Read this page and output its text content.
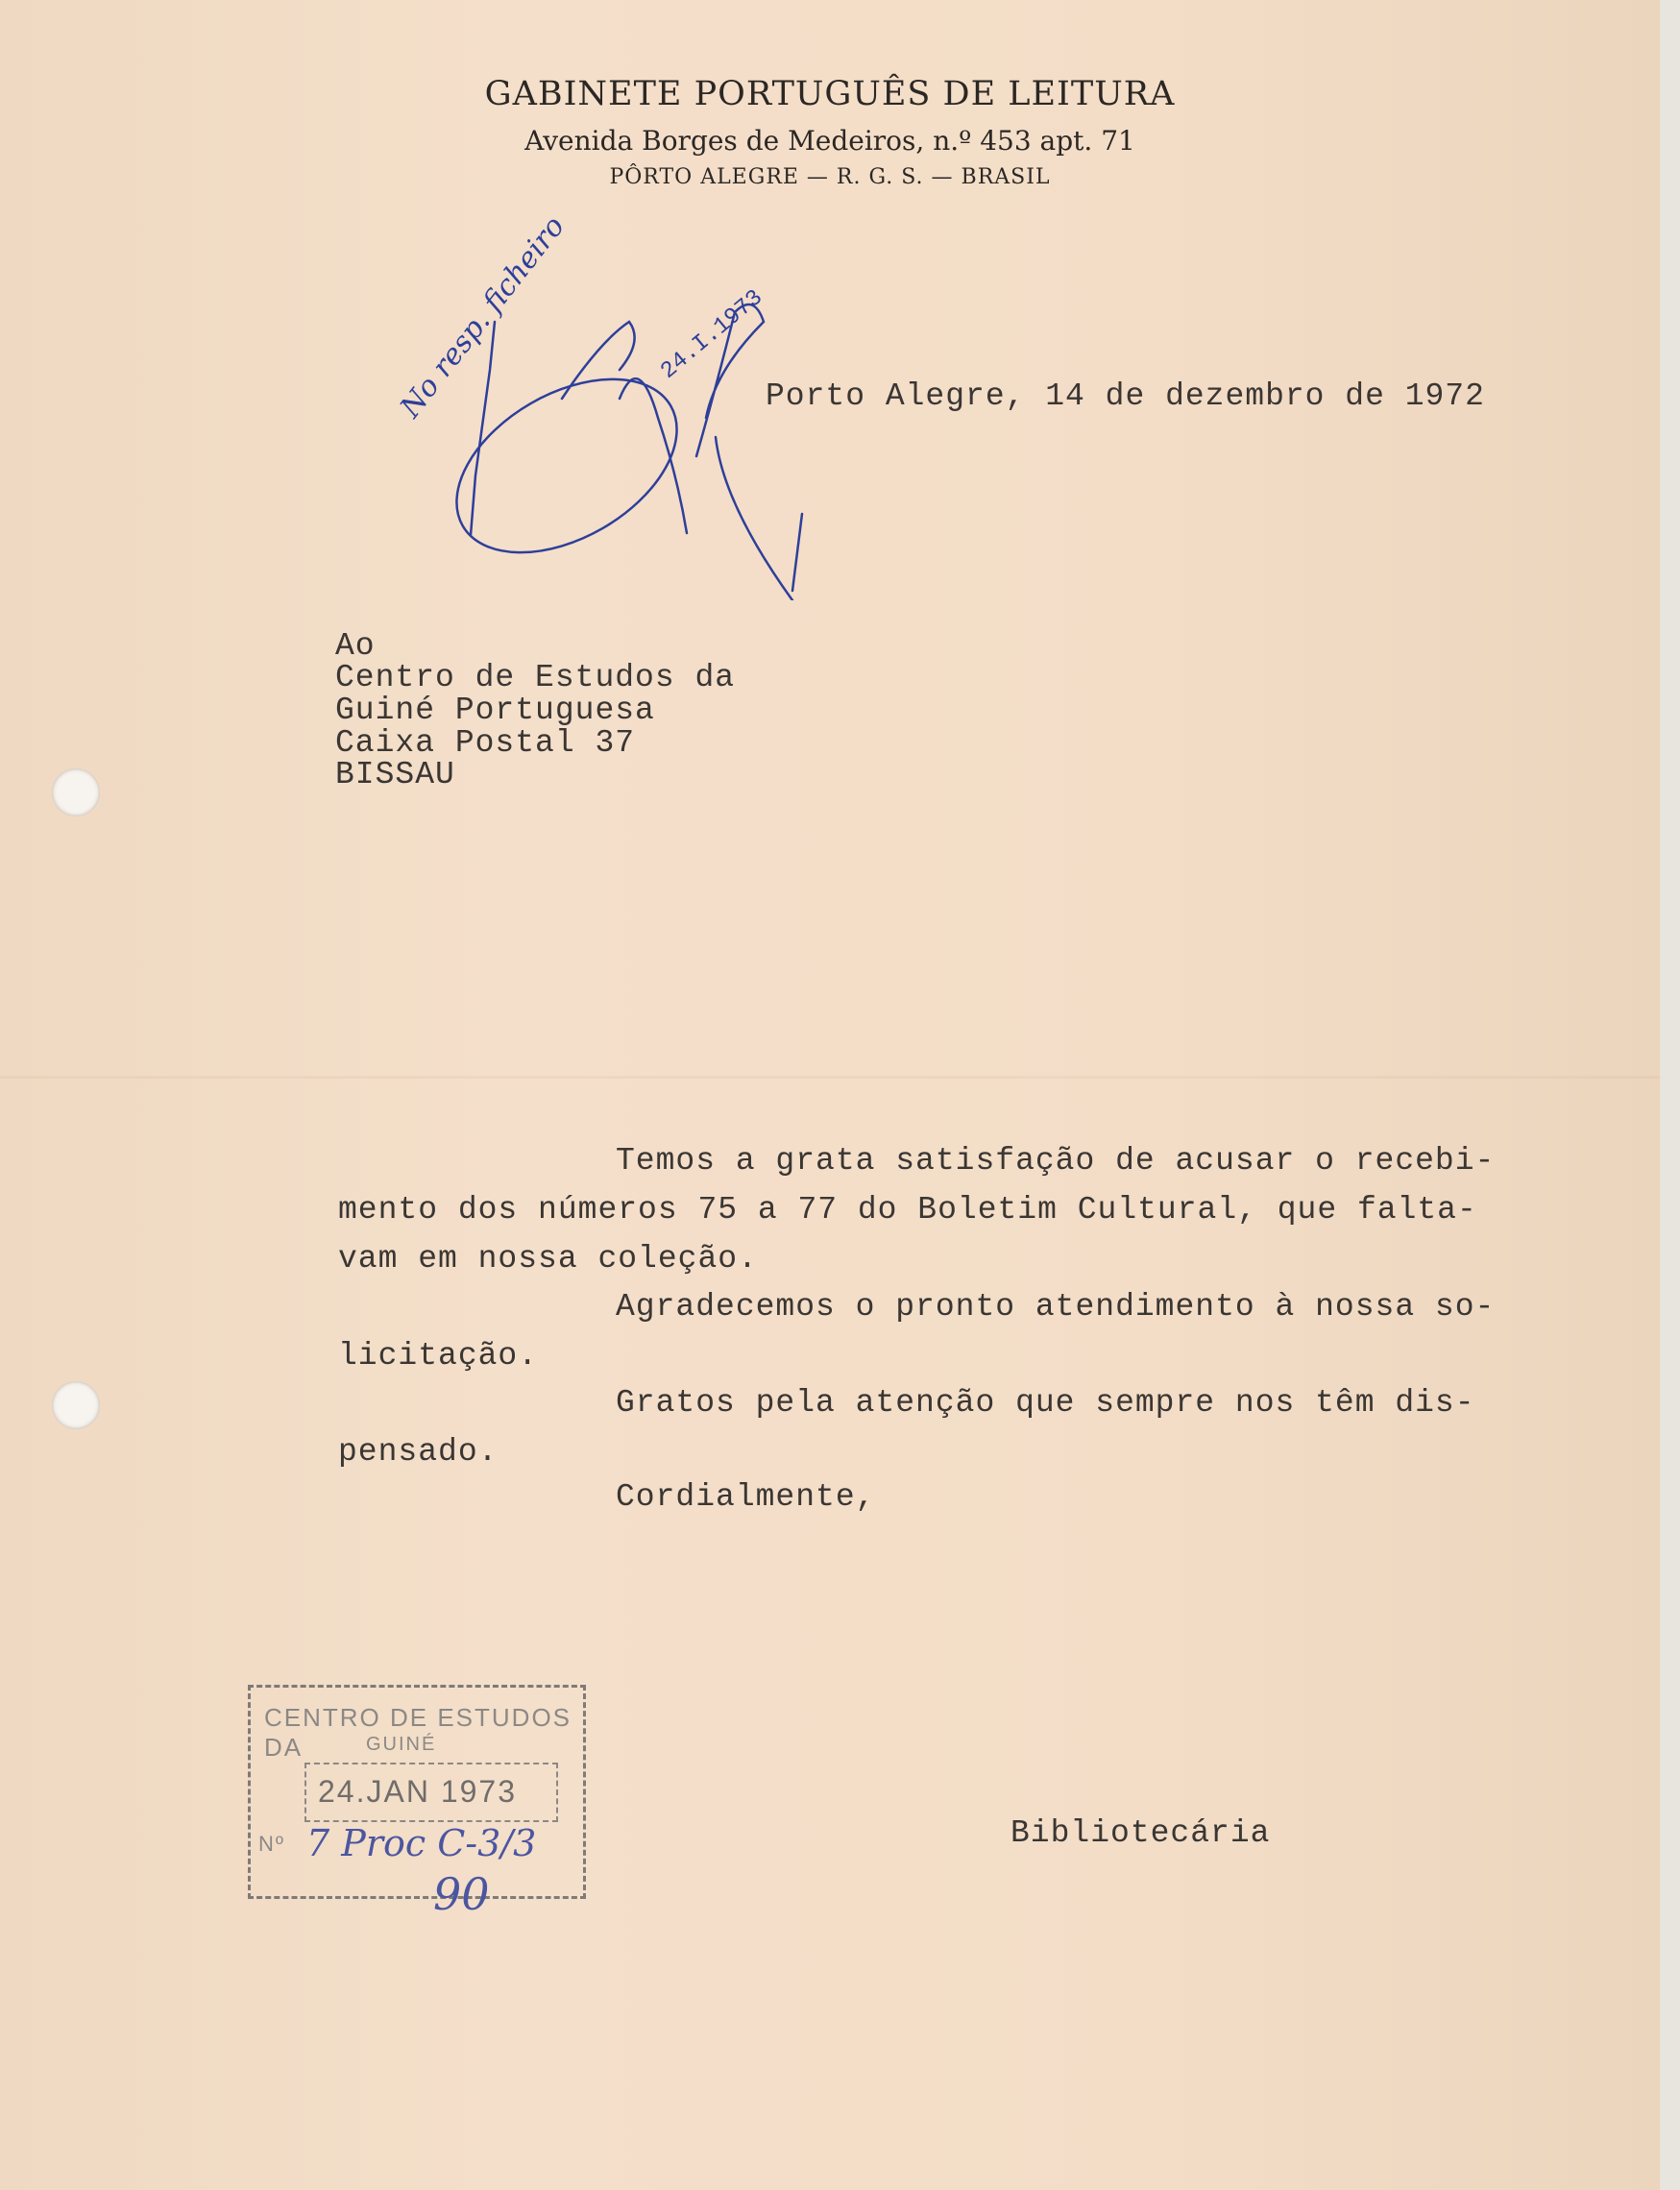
GABINETE PORTUGUÊS DE LEITURA
Avenida Borges de Medeiros, n.º 453 apt. 71
PÔRTO ALEGRE — R. G. S. — BRASIL
Porto Alegre, 14 de dezembro de 1972
No resp. ficheiro	24.I.1973
Ao
Centro de Estudos da
Guiné Portuguesa
Caixa Postal 37
BISSAU
Temos a grata satisfação de acusar o recebi-
mento dos números 75 a 77 do Boletim Cultural, que falta-
vam em nossa coleção.
Agradecemos o pronto atendimento à nossa so-
licitação.
Gratos pela atenção que sempre nos têm dis-
pensado.
Cordialmente,
Bibliotecária
CENTRO DE ESTUDOS DA	GUINÉ
24.JAN 1973
Nº 7 Proc C-3/3
90
